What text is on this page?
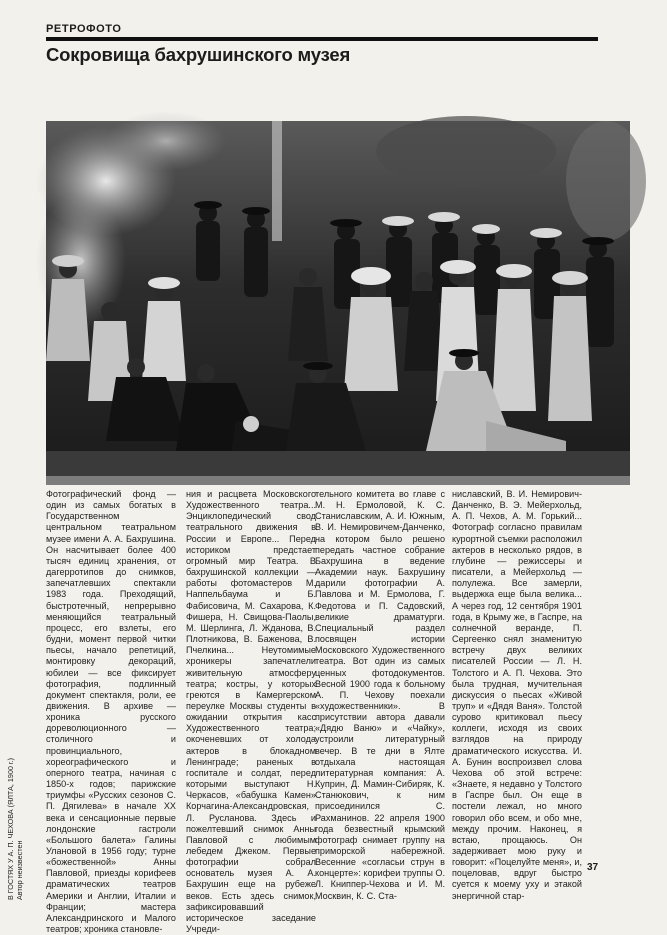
РЕТРОФОТО
Сокровища бахрушинского музея
В ГОСТЯХ У А. П. ЧЕХОВА (ЯЛТА, 1900 г.) Автор неизвестен

Фотографический фонд — один из самых богатых в Государственном центральном театральном музее имени А. А. Бахрушина. Он насчитывает более 400 тысяч единиц хранения, от дагерротипов до снимков, запечатлевших спектакли 1983 года. Преходящий, быстротечный, непрерывно меняющийся театральный процесс, его взлеты, его будни, момент первой читки пьесы, начало репетиций, монтировку декораций, юбилеи — все фиксирует фотография, подлинный документ спектакля, роли, ее движения. В архиве — хроника русского дореволюционного — столичного и провинциального, хореографического и оперного театра, начиная с 1850-х годов; парижские триумфы «Русских сезонов С. П. Дягилева» в начале XX века и сенсационные первые лондонские гастроли «Большого балета» Галины Улановой в 1956 году; турне «божественной» Анны Павловой, приезды корифеев драматических театров Америки и Англии, Италии и Франции; мастера Александринского и Малого театров; хроника становле-

ния и расцвета Московского Художественного театра... Энциклопедический свод театрального движения в России и Европе... Перед историком предстает огромный мир Театра. В бахрушинской коллекции — работы фотомастеров М. Наппельбаума и Б. Фабисовича, М. Сахарова, К. Фишера, Н. Свищова-Паолы, М. Шерлинга, Л. Жданова, В. Плотникова, В. Баженова, В. Пчелкина... Неутомимые хроникеры запечатлели живительную атмосферу театра; костры, у которых греются в Камергерском переулке Москвы студенты в ожидании открытия касс Художественного театра; окоченевших от холода актеров в блокадном Ленинграде; раненых в госпитале и солдат, перед которыми выступают Н. Черкасов, «бабушка Камен» Корчагина-Александровская, Л. Русланова. Здесь и пожелтевший снимок Анны Павловой с любимым лебедем Джеком. Первые фотографии собрал основатель музея А. А. Бахрушин еще на рубеже веков. Есть здесь снимок, зафиксировавший историческое заседание Учреди-

тельного комитета во главе с М. Н. Ермоловой, К. С. Станиславским, А. И. Южным, В. И. Немировичем-Данченко, на котором было решено передать частное собрание Бахрушина в ведение Академии наук. Бахрушину дарили фотографии А. Павлова и М. Ермолова, Г. Федотова и П. Садовский, великие драматурги. Специальный раздел посвящен истории Московского Художественного театра. Вот один из самых ценных фотодокументов. Весной 1900 года к больному А. П. Чехову поехали «художественники». В присутствии автора давали «Дядю Ваню» и «Чайку», устроили литературный вечер. В те дни в Ялте отдыхала настоящая литературная компания: А. Куприн, Д. Мамин-Сибиряк, К. Станюкович, к ним присоединился С. Рахманинов. 22 апреля 1900 года безвестный крымский фотограф снимает группу на приморской набережной. Весенние «согласьи струн в концерте»: корифеи труппы О. Л. Книппер-Чехова и И. М. Москвин, К. С. Ста-

ниславский, В. И. Немирович-Данченко, В. Э. Мейерхольд, А. П. Чехов, А. М. Горький... Фотограф согласно правилам курортной съемки расположил актеров в несколько рядов, в глубине — режиссеры и писатели, а Мейерхольд — полулежа. Все замерли, выдержка еще была велика... А через год, 12 сентября 1901 года, в Крыму же, в Гаспре, на солнечной веранде, П. Сергеенко снял знаменитую встречу двух великих писателей России — Л. Н. Толстого и А. П. Чехова. Это была трудная, мучительная дискуссия о пьесах «Живой труп» и «Дядя Ваня». Толстой сурово критиковал пьесу коллеги, исходя из своих взглядов на природу драматического искусства. И. А. Бунин воспроизвел слова Чехова об этой встрече: «Знаете, я недавно у Толстого в Гаспре был. Он еще в постели лежал, но много говорил обо всем, и обо мне, между прочим. Наконец, я встаю, прощаюсь. Он задерживает мою руку и говорит: «Поцелуйте меня», и, поцеловав, вдруг быстро суется к моему уху и этакой энергичной стар-

37
